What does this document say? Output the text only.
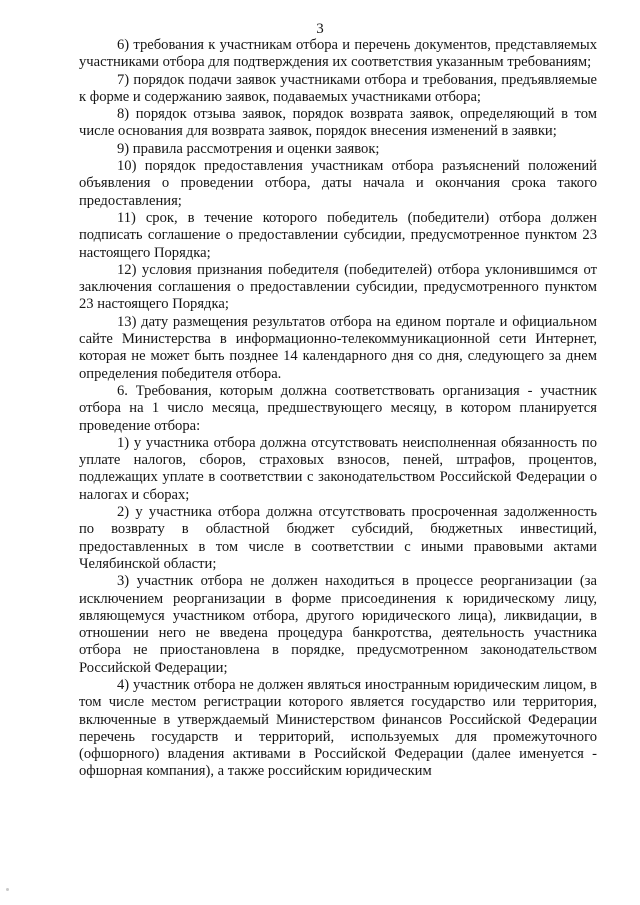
3

6) требования к участникам отбора и перечень документов, представляемых участниками отбора для подтверждения их соответствия указанным требованиям;

7) порядок подачи заявок участниками отбора и требования, предъявляемые к форме и содержанию заявок, подаваемых участниками отбора;

8) порядок отзыва заявок, порядок возврата заявок, определяющий в том числе основания для возврата заявок, порядок внесения изменений в заявки;

9) правила рассмотрения и оценки заявок;

10) порядок предоставления участникам отбора разъяснений положений объявления о проведении отбора, даты начала и окончания срока такого предоставления;

11) срок, в течение которого победитель (победители) отбора должен подписать соглашение о предоставлении субсидии, предусмотренное пунктом 23 настоящего Порядка;

12) условия признания победителя (победителей) отбора уклонившимся от заключения соглашения о предоставлении субсидии, предусмотренного пунктом 23 настоящего Порядка;

13) дату размещения результатов отбора на едином портале и официальном сайте Министерства в информационно-телекоммуникационной сети Интернет, которая не может быть позднее 14 календарного дня со дня, следующего за днем определения победителя отбора.

6. Требования, которым должна соответствовать организация - участник отбора на 1 число месяца, предшествующего месяцу, в котором планируется проведение отбора:

1) у участника отбора должна отсутствовать неисполненная обязанность по уплате налогов, сборов, страховых взносов, пеней, штрафов, процентов, подлежащих уплате в соответствии с законодательством Российской Федерации о налогах и сборах;

2) у участника отбора должна отсутствовать просроченная задолженность по возврату в областной бюджет субсидий, бюджетных инвестиций, предоставленных в том числе в соответствии с иными правовыми актами Челябинской области;

3) участник отбора не должен находиться в процессе реорганизации (за исключением реорганизации в форме присоединения к юридическому лицу, являющемуся участником отбора, другого юридического лица), ликвидации, в отношении него не введена процедура банкротства, деятельность участника отбора не приостановлена в порядке, предусмотренном законодательством Российской Федерации;

4) участник отбора не должен являться иностранным юридическим лицом, в том числе местом регистрации которого является государство или территория, включенные в утверждаемый Министерством финансов Российской Федерации перечень государств и территорий, используемых для промежуточного (офшорного) владения активами в Российской Федерации (далее именуется - офшорная компания), а также российским юридическим
